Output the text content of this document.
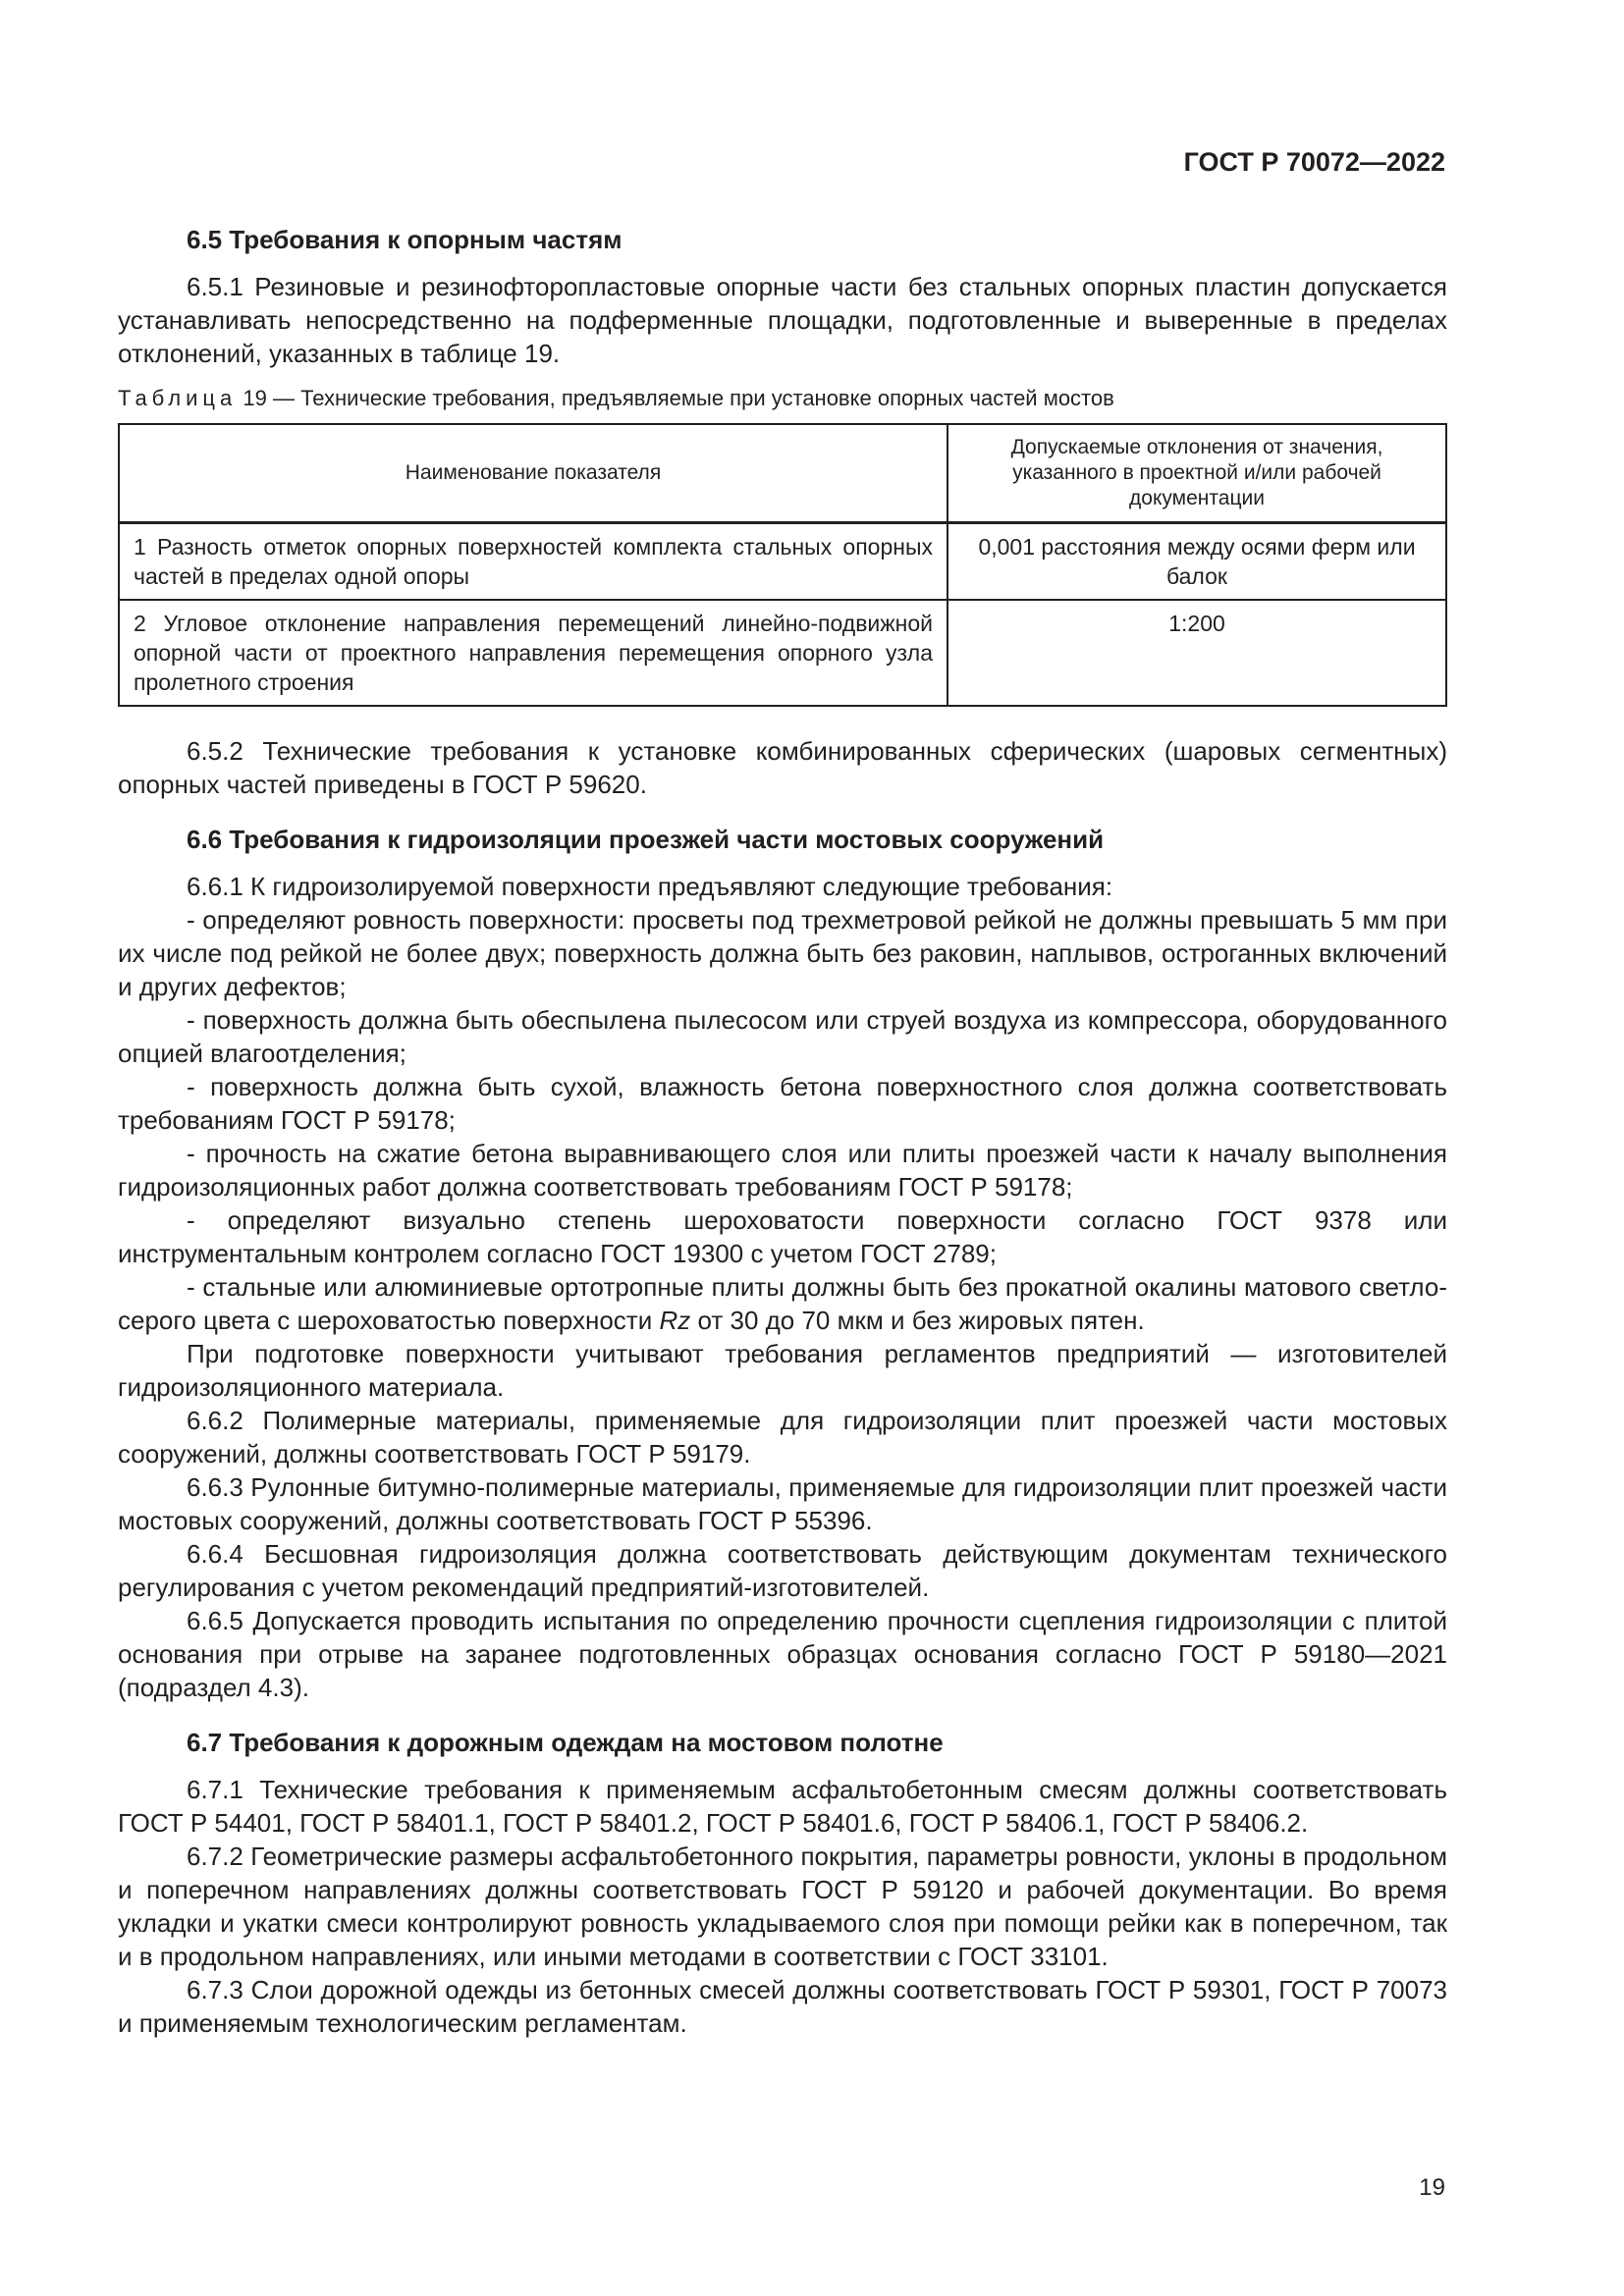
ГОСТ Р 70072—2022
6.5 Требования к опорным частям

6.5.1 Резиновые и резинофторопластовые опорные части без стальных опорных пластин допускается устанавливать непосредственно на подферменные площадки, подготовленные и выверенные в пределах отклонений, указанных в таблице 19.

Таблица 19 — Технические требования, предъявляемые при установке опорных частей мостов
Наименование показателя	Допускаемые отклонения от значения, указанного в проектной и/или рабочей документации
1 Разность отметок опорных поверхностей комплекта стальных опорных частей в пределах одной опоры	0,001 расстояния между осями ферм или балок
2 Угловое отклонение направления перемещений линейно-подвижной опорной части от проектного направления перемещения опорного узла пролетного строения	1:200

6.5.2 Технические требования к установке комбинированных сферических (шаровых сегментных) опорных частей приведены в ГОСТ Р 59620.

6.6 Требования к гидроизоляции проезжей части мостовых сооружений

6.6.1 К гидроизолируемой поверхности предъявляют следующие требования:

- определяют ровность поверхности: просветы под трехметровой рейкой не должны превышать 5 мм при их числе под рейкой не более двух; поверхность должна быть без раковин, наплывов, остроганных включений и других дефектов;

- поверхность должна быть обеспылена пылесосом или струей воздуха из компрессора, оборудованного опцией влагоотделения;

- поверхность должна быть сухой, влажность бетона поверхностного слоя должна соответствовать требованиям ГОСТ Р 59178;

- прочность на сжатие бетона выравнивающего слоя или плиты проезжей части к началу выполнения гидроизоляционных работ должна соответствовать требованиям ГОСТ Р 59178;

- определяют визуально степень шероховатости поверхности согласно ГОСТ 9378 или инструментальным контролем согласно ГОСТ 19300 с учетом ГОСТ 2789;

- стальные или алюминиевые ортотропные плиты должны быть без прокатной окалины матового светло-серого цвета с шероховатостью поверхности Rz от 30 до 70 мкм и без жировых пятен.

При подготовке поверхности учитывают требования регламентов предприятий — изготовителей гидроизоляционного материала.

6.6.2 Полимерные материалы, применяемые для гидроизоляции плит проезжей части мостовых сооружений, должны соответствовать ГОСТ Р 59179.

6.6.3 Рулонные битумно-полимерные материалы, применяемые для гидроизоляции плит проезжей части мостовых сооружений, должны соответствовать ГОСТ Р 55396.

6.6.4 Бесшовная гидроизоляция должна соответствовать действующим документам технического регулирования с учетом рекомендаций предприятий-изготовителей.

6.6.5 Допускается проводить испытания по определению прочности сцепления гидроизоляции с плитой основания при отрыве на заранее подготовленных образцах основания согласно ГОСТ Р 59180—2021 (подраздел 4.3).

6.7 Требования к дорожным одеждам на мостовом полотне

6.7.1 Технические требования к применяемым асфальтобетонным смесям должны соответствовать ГОСТ Р 54401, ГОСТ Р 58401.1, ГОСТ Р 58401.2, ГОСТ Р 58401.6, ГОСТ Р 58406.1, ГОСТ Р 58406.2.

6.7.2 Геометрические размеры асфальтобетонного покрытия, параметры ровности, уклоны в продольном и поперечном направлениях должны соответствовать ГОСТ Р 59120 и рабочей документации. Во время укладки и укатки смеси контролируют ровность укладываемого слоя при помощи рейки как в поперечном, так и в продольном направлениях, или иными методами в соответствии с ГОСТ 33101.

6.7.3 Слои дорожной одежды из бетонных смесей должны соответствовать ГОСТ Р 59301, ГОСТ Р 70073 и применяемым технологическим регламентам.

19
